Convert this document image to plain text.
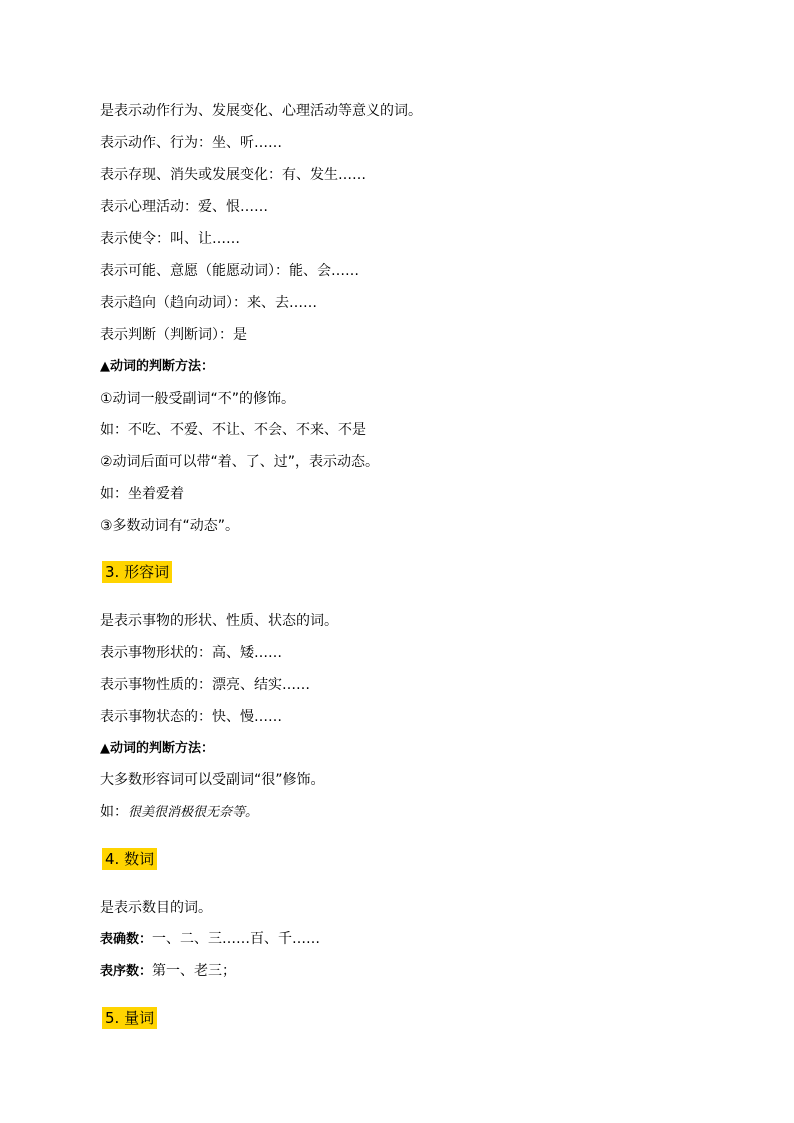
是表示动作行为、发展变化、心理活动等意义的词。
表示动作、行为：坐、听……
表示存现、消失或发展变化：有、发生……
表示心理活动：爱、恨……
表示使令：叫、让……
表示可能、意愿（能愿动词）：能、会……
表示趋向（趋向动词）：来、去……
表示判断（判断词）：是
▲动词的判断方法：
①动词一般受副词“不”的修饰。
如：不吃、不爱、不让、不会、不来、不是
②动词后面可以带“着、了、过”，表示动态。
如：坐着爱着
③多数动词有“动态”。
3. 形容词
是表示事物的形状、性质、状态的词。
表示事物形状的：高、矮……
表示事物性质的：漂亮、结实……
表示事物状态的：快、慢……
▲动词的判断方法：
大多数形容词可以受副词“很”修饰。
如：很美很消极很无奈等。
4. 数词
是表示数目的词。
表确数：一、二、三……百、千……
表序数：第一、老三；
5. 量词
